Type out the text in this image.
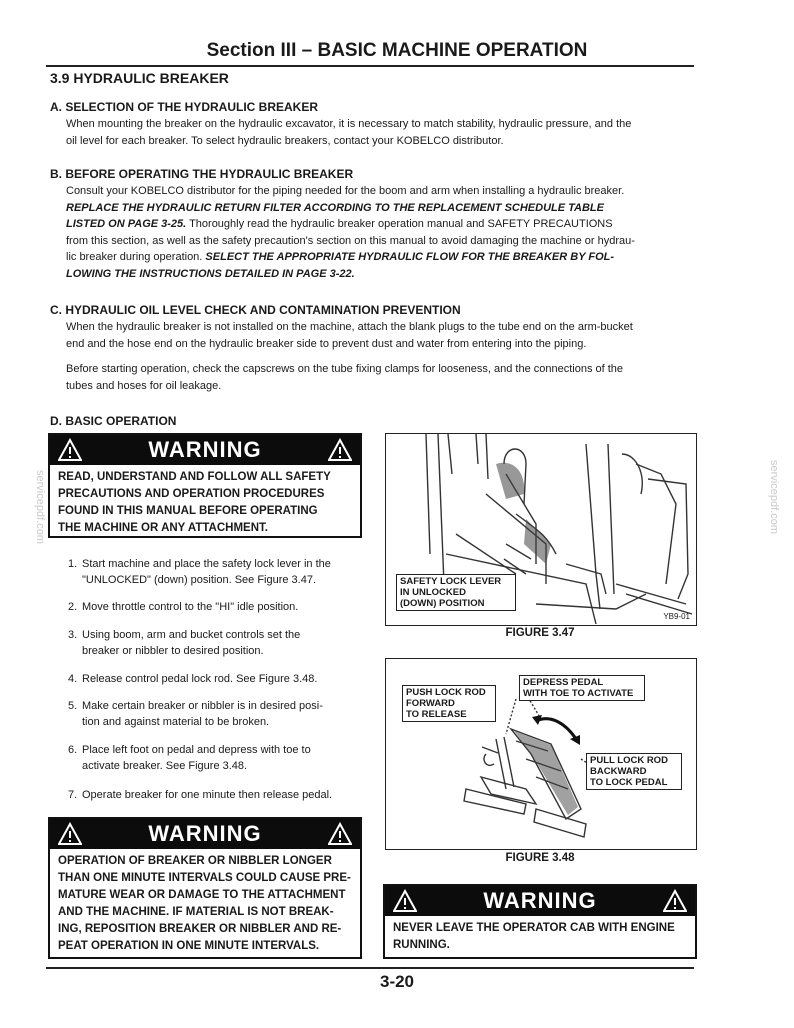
Section III – BASIC MACHINE OPERATION
3.9 HYDRAULIC BREAKER
A. SELECTION OF THE HYDRAULIC BREAKER
When mounting the breaker on the hydraulic excavator, it is necessary to match stability, hydraulic pressure, and the
oil level for each breaker. To select hydraulic breakers, contact your KOBELCO distributor.
B. BEFORE OPERATING THE HYDRAULIC BREAKER
Consult your KOBELCO distributor for the piping needed for the boom and arm when installing a hydraulic breaker.
REPLACE THE HYDRAULIC RETURN FILTER ACCORDING TO THE REPLACEMENT SCHEDULE TABLE
LISTED ON PAGE 3-25. Thoroughly read the hydraulic breaker operation manual and SAFETY PRECAUTIONS
from this section, as well as the safety precaution's section on this manual to avoid damaging the machine or hydrau-
lic breaker during operation. SELECT THE APPROPRIATE HYDRAULIC FLOW FOR THE BREAKER BY FOL-
LOWING THE INSTRUCTIONS DETAILED IN PAGE 3-22.
C. HYDRAULIC OIL LEVEL CHECK AND CONTAMINATION PREVENTION
When the hydraulic breaker is not installed on the machine, attach the blank plugs to the tube end on the arm-bucket
end and the hose end on the hydraulic breaker side to prevent dust and water from entering into the piping.
Before starting operation, check the capscrews on the tube fixing clamps for looseness, and the connections of the
tubes and hoses for oil leakage.
D. BASIC OPERATION
WARNING
READ, UNDERSTAND AND FOLLOW ALL SAFETY
PRECAUTIONS AND OPERATION PROCEDURES
FOUND IN THIS MANUAL BEFORE OPERATING
THE MACHINE OR ANY ATTACHMENT.
1. Start machine and place the safety lock lever in the
"UNLOCKED" (down) position. See Figure 3.47.
2. Move throttle control to the "HI" idle position.
3. Using boom, arm and bucket controls set the
breaker or nibbler to desired position.
4. Release control pedal lock rod. See Figure 3.48.
5. Make certain breaker or nibbler is in desired posi-
tion and against material to be broken.
6. Place left foot on pedal and depress with toe to
activate breaker. See Figure 3.48.
7. Operate breaker for one minute then release pedal.
WARNING
OPERATION OF BREAKER OR NIBBLER LONGER
THAN ONE MINUTE INTERVALS COULD CAUSE PRE-
MATURE WEAR OR DAMAGE TO THE ATTACHMENT
AND THE MACHINE. IF MATERIAL IS NOT BREAK-
ING, REPOSITION BREAKER OR NIBBLER AND RE-
PEAT OPERATION IN ONE MINUTE INTERVALS.
SAFETY LOCK LEVER
IN UNLOCKED
(DOWN) POSITION
YB9-01
FIGURE 3.47
PUSH LOCK ROD
FORWARD
TO RELEASE
DEPRESS PEDAL
WITH TOE TO ACTIVATE
PULL LOCK ROD
BACKWARD
TO LOCK PEDAL
FIGURE 3.48
WARNING
NEVER LEAVE THE OPERATOR CAB WITH ENGINE
RUNNING.
servicepdf.com	servicepdf.com
3-20
